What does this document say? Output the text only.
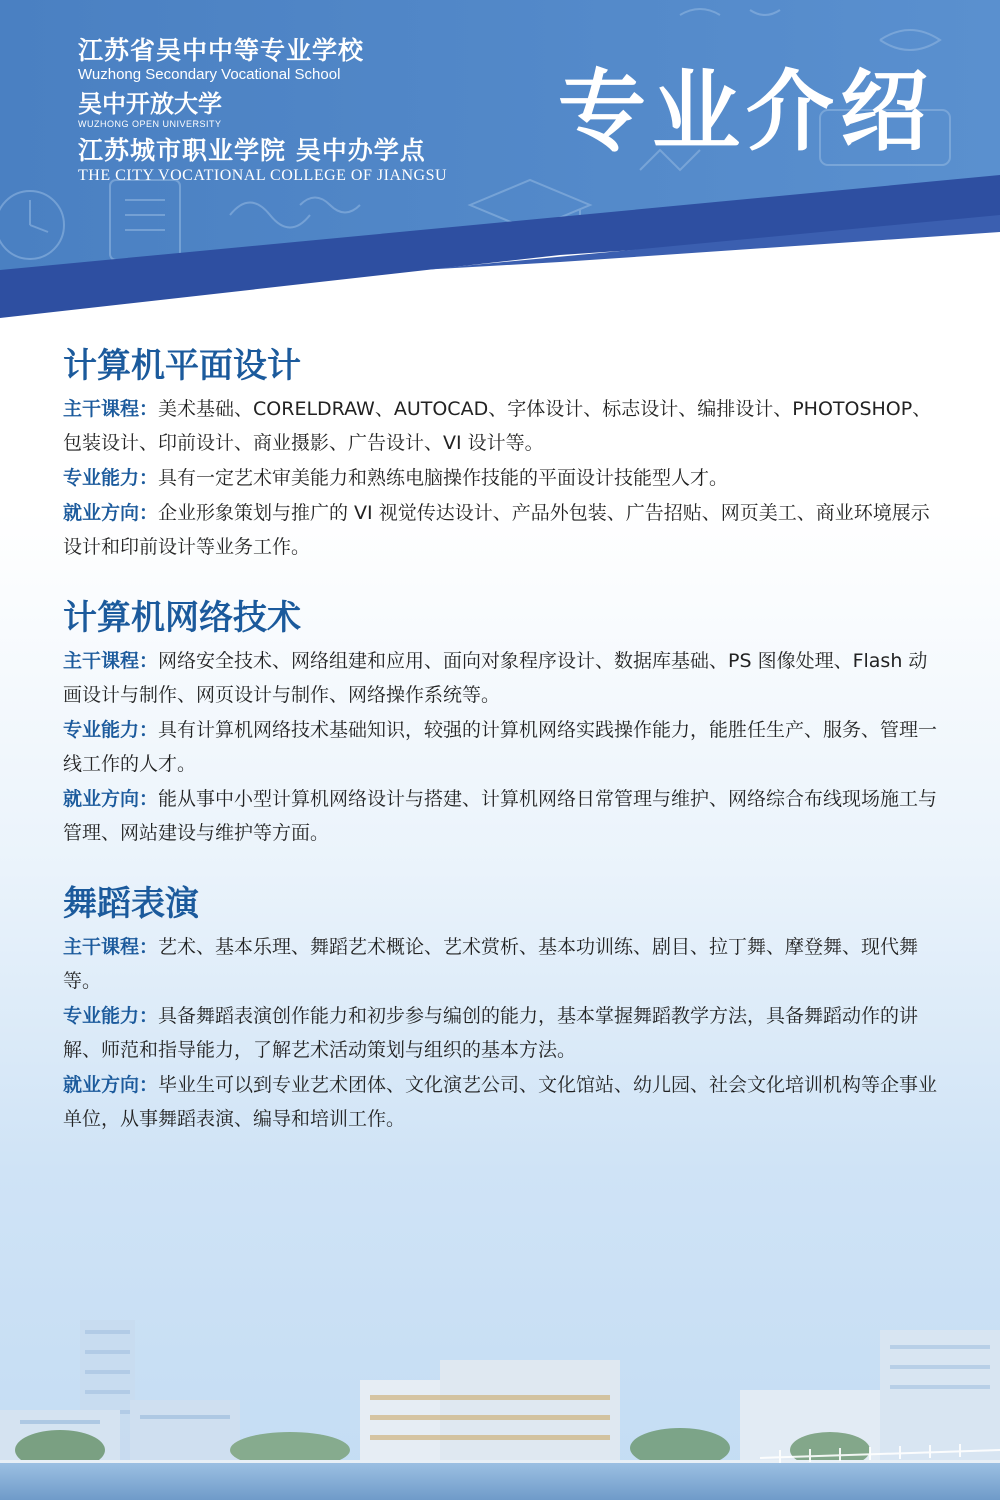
江苏省吴中中等专业学校

Wuzhong Secondary Vocational School

吴中开放大学

WUZHONG OPEN UNIVERSITY

江苏城市职业学院 吴中办学点

THE CITY VOCATIONAL COLLEGE OF JIANGSU

专业介绍
计算机平面设计

主干课程：美术基础、CORELDRAW、AUTOCAD、字体设计、标志设计、编排设计、PHOTOSHOP、包装设计、印前设计、商业摄影、广告设计、VI 设计等。

专业能力：具有一定艺术审美能力和熟练电脑操作技能的平面设计技能型人才。

就业方向：企业形象策划与推广的 VI 视觉传达设计、产品外包装、广告招贴、网页美工、商业环境展示设计和印前设计等业务工作。

计算机网络技术

主干课程：网络安全技术、网络组建和应用、面向对象程序设计、数据库基础、PS 图像处理、Flash 动画设计与制作、网页设计与制作、网络操作系统等。

专业能力：具有计算机网络技术基础知识，较强的计算机网络实践操作能力，能胜任生产、服务、管理一线工作的人才。

就业方向：能从事中小型计算机网络设计与搭建、计算机网络日常管理与维护、网络综合布线现场施工与管理、网站建设与维护等方面。

舞蹈表演

主干课程：艺术、基本乐理、舞蹈艺术概论、艺术赏析、基本功训练、剧目、拉丁舞、摩登舞、现代舞等。

专业能力：具备舞蹈表演创作能力和初步参与编创的能力，基本掌握舞蹈教学方法，具备舞蹈动作的讲解、师范和指导能力，了解艺术活动策划与组织的基本方法。

就业方向：毕业生可以到专业艺术团体、文化演艺公司、文化馆站、幼儿园、社会文化培训机构等企事业单位，从事舞蹈表演、编导和培训工作。
